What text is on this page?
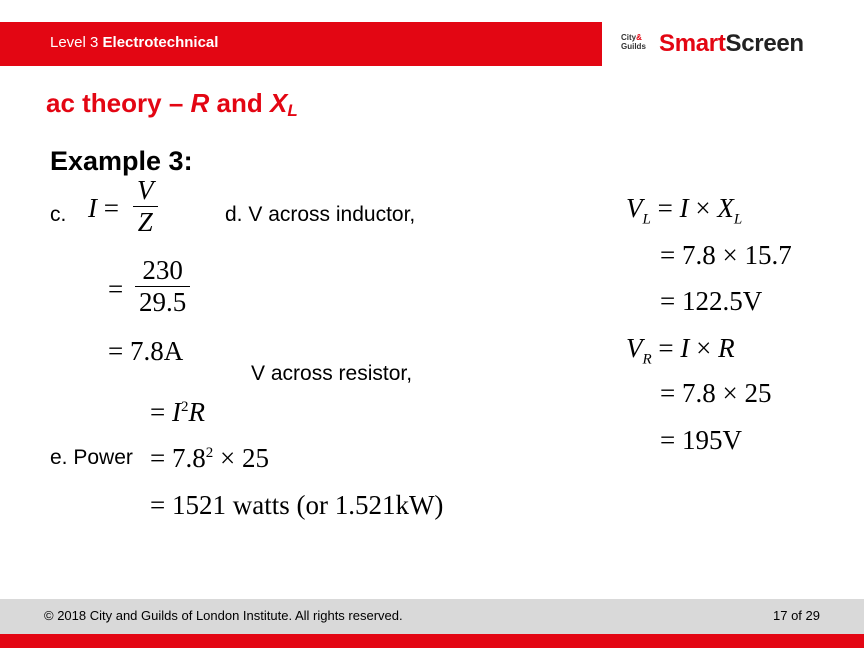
Level 3 Electrotechnical	City&
Guilds SmartScreen
ac theory – R and $X_L$
Example 3:
c. I =
V
Z
=
230
29.5
= 7.8A
d. V across inductor,
V across resistor,
= $I^2R$
e. Power = $7.8^2 \times 25$
= 1521 watts (or 1.521kW)
$V_L = I \times X_L$
= 7.8 × 15.7
= 122.5V
$V_R = I \times R$
= 7.8 × 25
= 195V
© 2018 City and Guilds of London Institute. All rights reserved.	17 of 29
